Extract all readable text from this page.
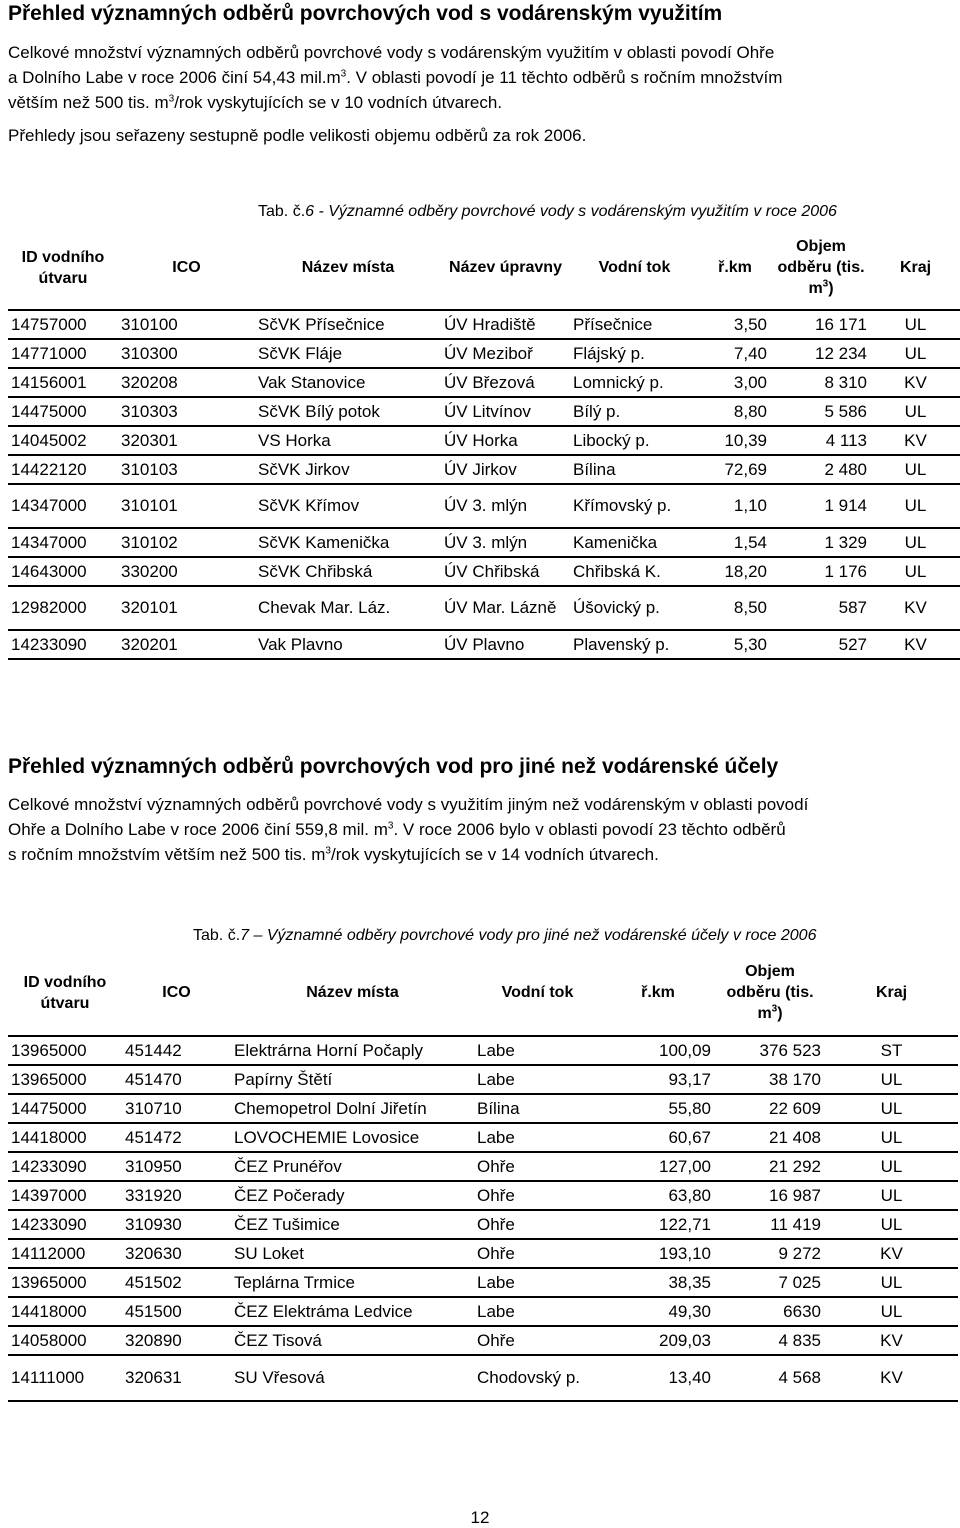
Přehled významných odběrů povrchových vod s vodárenským využitím
Celkové množství významných odběrů povrchové vody s vodárenským využitím v oblasti povodí Ohře
a Dolního Labe v roce 2006 činí 54,43 $mil.m^3$. V oblasti povodí je 11 těchto odběrů s ročním množstvím
větším než 500 tis. $m^3$/rok vyskytujících se v 10 vodních útvarech.
Přehledy jsou seřazeny sestupně podle velikosti objemu odběrů za rok 2006.
Tab. č.6 - Významné odběry povrchové vody s vodárenským využitím v roce 2006
ID vodního útvaru	ICO	Název místa	Název úpravny	Vodní tok	ř.km	Objem odběru (tis. $m^3$)	Kraj
14757000	310100	SčVK Přísečnice	ÚV Hradiště	Přísečnice	3,50	16 171	UL
14771000	310300	SčVK Fláje	ÚV Meziboř	Flájský p.	7,40	12 234	UL
14156001	320208	Vak Stanovice	ÚV Březová	Lomnický p.	3,00	8 310	KV
14475000	310303	SčVK Bílý potok	ÚV Litvínov	Bílý p.	8,80	5 586	UL
14045002	320301	VS Horka	ÚV Horka	Libocký p.	10,39	4 113	KV
14422120	310103	SčVK Jirkov	ÚV Jirkov	Bílina	72,69	2 480	UL
14347000	310101	SčVK Křímov	ÚV 3. mlýn	Křímovský p.	1,10	1 914	UL
14347000	310102	SčVK Kamenička	ÚV 3. mlýn	Kamenička	1,54	1 329	UL
14643000	330200	SčVK Chřibská	ÚV Chřibská	Chřibská K.	18,20	1 176	UL
12982000	320101	Chevak Mar. Láz.	ÚV Mar. Lázně	Úšovický p.	8,50	587	KV
14233090	320201	Vak Plavno	ÚV Plavno	Plavenský p.	5,30	527	KV
Přehled významných odběrů povrchových vod pro jiné než vodárenské účely
Celkové množství významných odběrů povrchové vody s využitím jiným než vodárenským v oblasti povodí
Ohře a Dolního Labe v roce 2006 činí 559,8 mil. $m^3$. V roce 2006 bylo v oblasti povodí 23 těchto odběrů
s ročním množstvím větším než 500 tis. $m^3$/rok vyskytujících se v 14 vodních útvarech.
Tab. č.7 – Významné odběry povrchové vody pro jiné než vodárenské účely v roce 2006
ID vodního útvaru	ICO	Název místa	Vodní tok	ř.km	Objem odběru (tis. $m^3$)	Kraj
13965000	451442	Elektrárna Horní Počaply	Labe	100,09	376 523	ST
13965000	451470	Papírny Štětí	Labe	93,17	38 170	UL
14475000	310710	Chemopetrol Dolní Jiřetín	Bílina	55,80	22 609	UL
14418000	451472	LOVOCHEMIE Lovosice	Labe	60,67	21 408	UL
14233090	310950	ČEZ Prunéřov	Ohře	127,00	21 292	UL
14397000	331920	ČEZ Počerady	Ohře	63,80	16 987	UL
14233090	310930	ČEZ Tušimice	Ohře	122,71	11 419	UL
14112000	320630	SU Loket	Ohře	193,10	9 272	KV
13965000	451502	Teplárna Trmice	Labe	38,35	7 025	UL
14418000	451500	ČEZ Elektráma Ledvice	Labe	49,30	6630	UL
14058000	320890	ČEZ Tisová	Ohře	209,03	4 835	KV
14111000	320631	SU Vřesová	Chodovský p.	13,40	4 568	KV
12
